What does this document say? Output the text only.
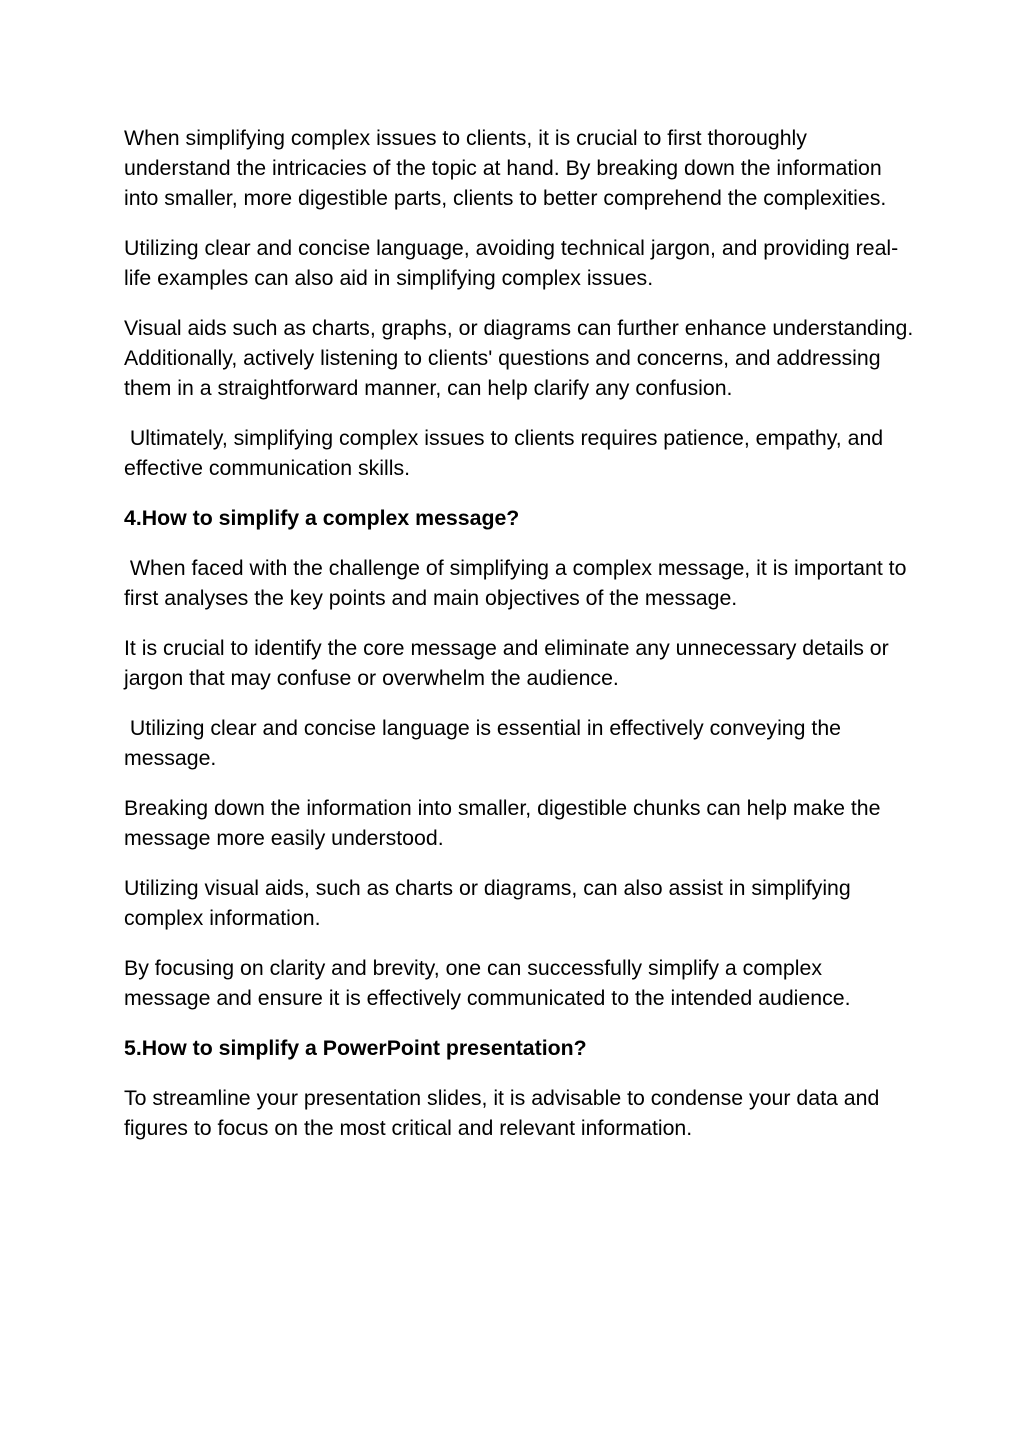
When simplifying complex issues to clients, it is crucial to first thoroughly understand the intricacies of the topic at hand. By breaking down the information into smaller, more digestible parts, clients to better comprehend the complexities.

Utilizing clear and concise language, avoiding technical jargon, and providing real-life examples can also aid in simplifying complex issues.

Visual aids such as charts, graphs, or diagrams can further enhance understanding. Additionally, actively listening to clients' questions and concerns, and addressing them in a straightforward manner, can help clarify any confusion.

Ultimately, simplifying complex issues to clients requires patience, empathy, and effective communication skills.

4.How to simplify a complex message?

When faced with the challenge of simplifying a complex message, it is important to first analyses the key points and main objectives of the message.

It is crucial to identify the core message and eliminate any unnecessary details or jargon that may confuse or overwhelm the audience.

Utilizing clear and concise language is essential in effectively conveying the message.

Breaking down the information into smaller, digestible chunks can help make the message more easily understood.

Utilizing visual aids, such as charts or diagrams, can also assist in simplifying complex information.

By focusing on clarity and brevity, one can successfully simplify a complex message and ensure it is effectively communicated to the intended audience.

5.How to simplify a PowerPoint presentation?

To streamline your presentation slides, it is advisable to condense your data and figures to focus on the most critical and relevant information.
